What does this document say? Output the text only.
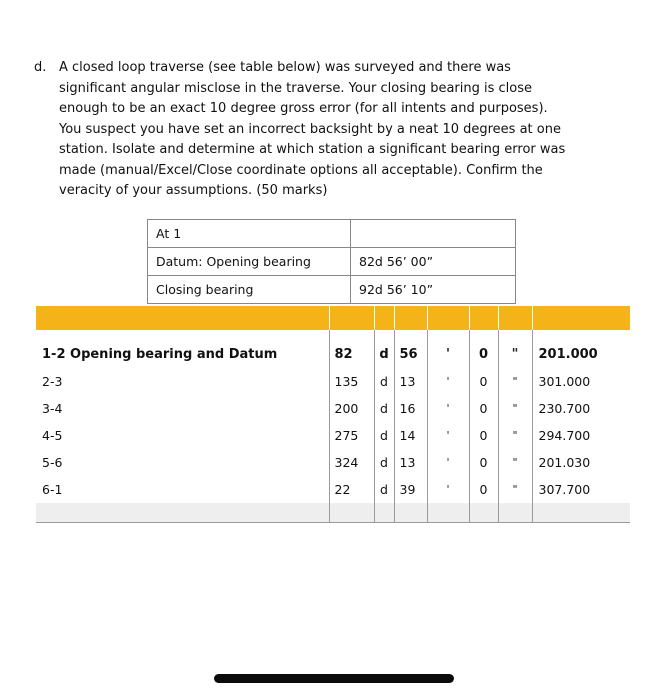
d. A closed loop traverse (see table below) was surveyed and there was
significant angular misclose in the traverse. Your closing bearing is close
enough to be an exact 10 degree gross error (for all intents and purposes).
You suspect you have set an incorrect backsight by a neat 10 degrees at one
station. Isolate and determine at which station a significant bearing error was
made (manual/Excel/Close coordinate options all acceptable). Confirm the
veracity of your assumptions. (50 marks)
At 1	
Datum: Opening bearing	82d 56’ 00”
Closing bearing	92d 56’ 10”

1-2 Opening bearing and Datum	82	d	56	'	0	"	201.000
2-3	135	d	13	'	0	"	301.000
3-4	200	d	16	'	0	"	230.700
4-5	275	d	14	'	0	"	294.700
5-6	324	d	13	'	0	"	201.030
6-1	22	d	39	'	0	"	307.700
